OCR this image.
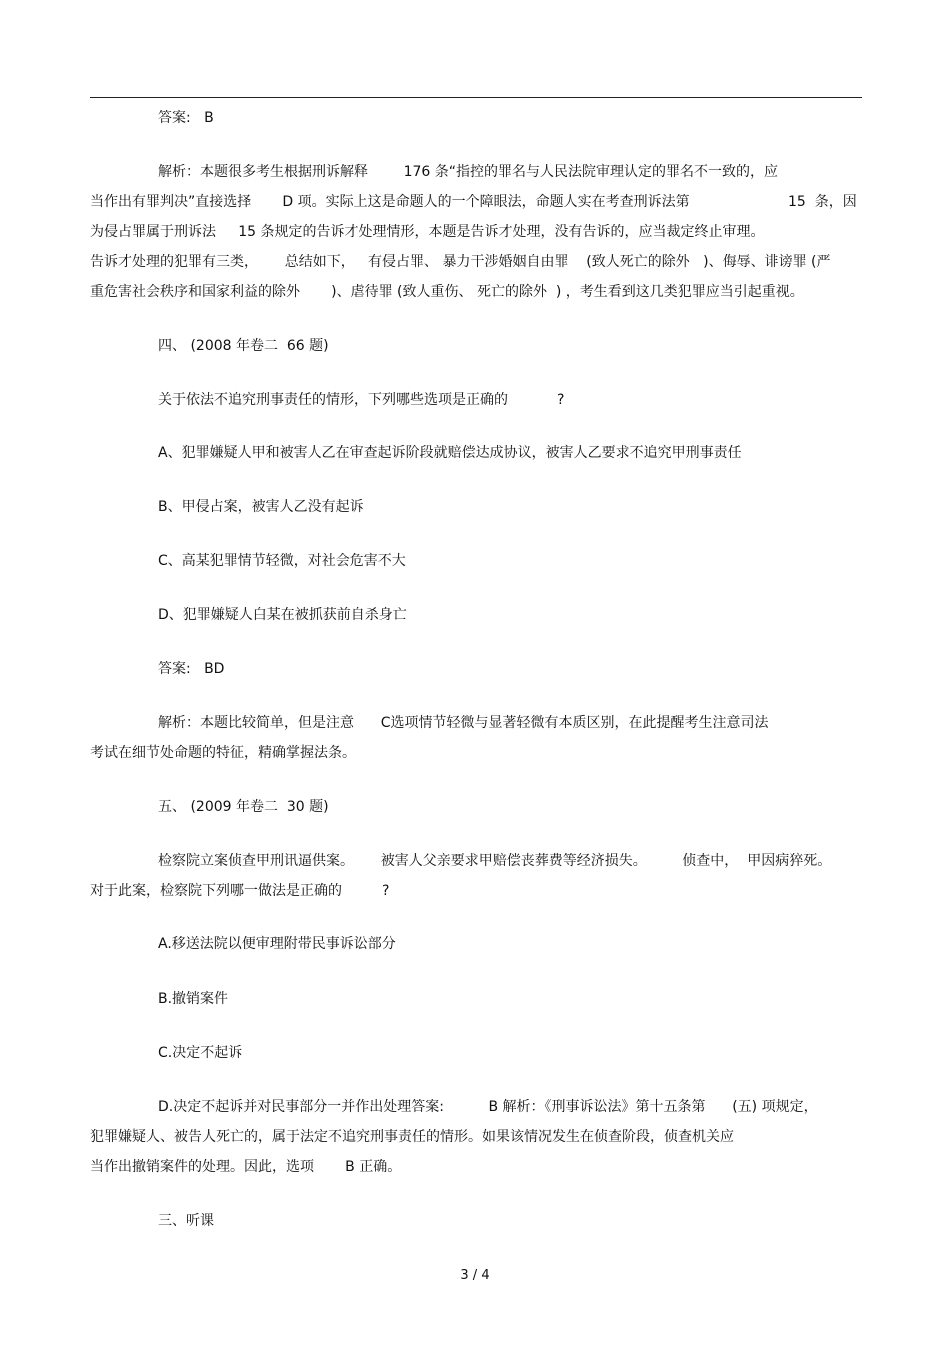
答案:   B
解析：本题很多考生根据刑诉解释        176 条“指控的罪名与人民法院审理认定的罪名不一致的，应
当作出有罪判决”直接选择       D 项。实际上这是命题人的一个障眼法，命题人实在考查刑诉法第	15  条，因
为侵占罪属于刑诉法     15 条规定的告诉才处理情形，本题是告诉才处理，没有告诉的，应当裁定终止审理。
告诉才处理的犯罪有三类，      总结如下，   有侵占罪、 暴力干涉婚姻自由罪    (致人死亡的除外   )、侮辱、诽谤罪 (严
重危害社会秩序和国家利益的除外       )、虐待罪 (致人重伤、 死亡的除外  ) ，考生看到这几类犯罪应当引起重视。
四、 (2008 年卷二  66 题)
关于依法不追究刑事责任的情形，下列哪些选项是正确的           ?
A、犯罪嫌疑人甲和被害人乙在审查起诉阶段就赔偿达成协议，被害人乙要求不追究甲刑事责任
B、甲侵占案，被害人乙没有起诉
C、高某犯罪情节轻微，对社会危害不大
D、犯罪嫌疑人白某在被抓获前自杀身亡
答案:   BD
解析：本题比较简单，但是注意      C选项情节轻微与显著轻微有本质区别，在此提醒考生注意司法
考试在细节处命题的特征，精确掌握法条。
五、 (2009 年卷二  30 题)
检察院立案侦查甲刑讯逼供案。      被害人父亲要求甲赔偿丧葬费等经济损失。        侦查中，  甲因病猝死。
对于此案，检察院下列哪一做法是正确的         ?
A.移送法院以便审理附带民事诉讼部分
B.撤销案件
C.决定不起诉
D.决定不起诉并对民事部分一并作出处理答案:          B 解析：《刑事诉讼法》第十五条第      (五) 项规定，
犯罪嫌疑人、被告人死亡的，属于法定不追究刑事责任的情形。如果该情况发生在侦查阶段，侦查机关应
当作出撤销案件的处理。因此，选项       B 正确。
三、听课
3 / 4
